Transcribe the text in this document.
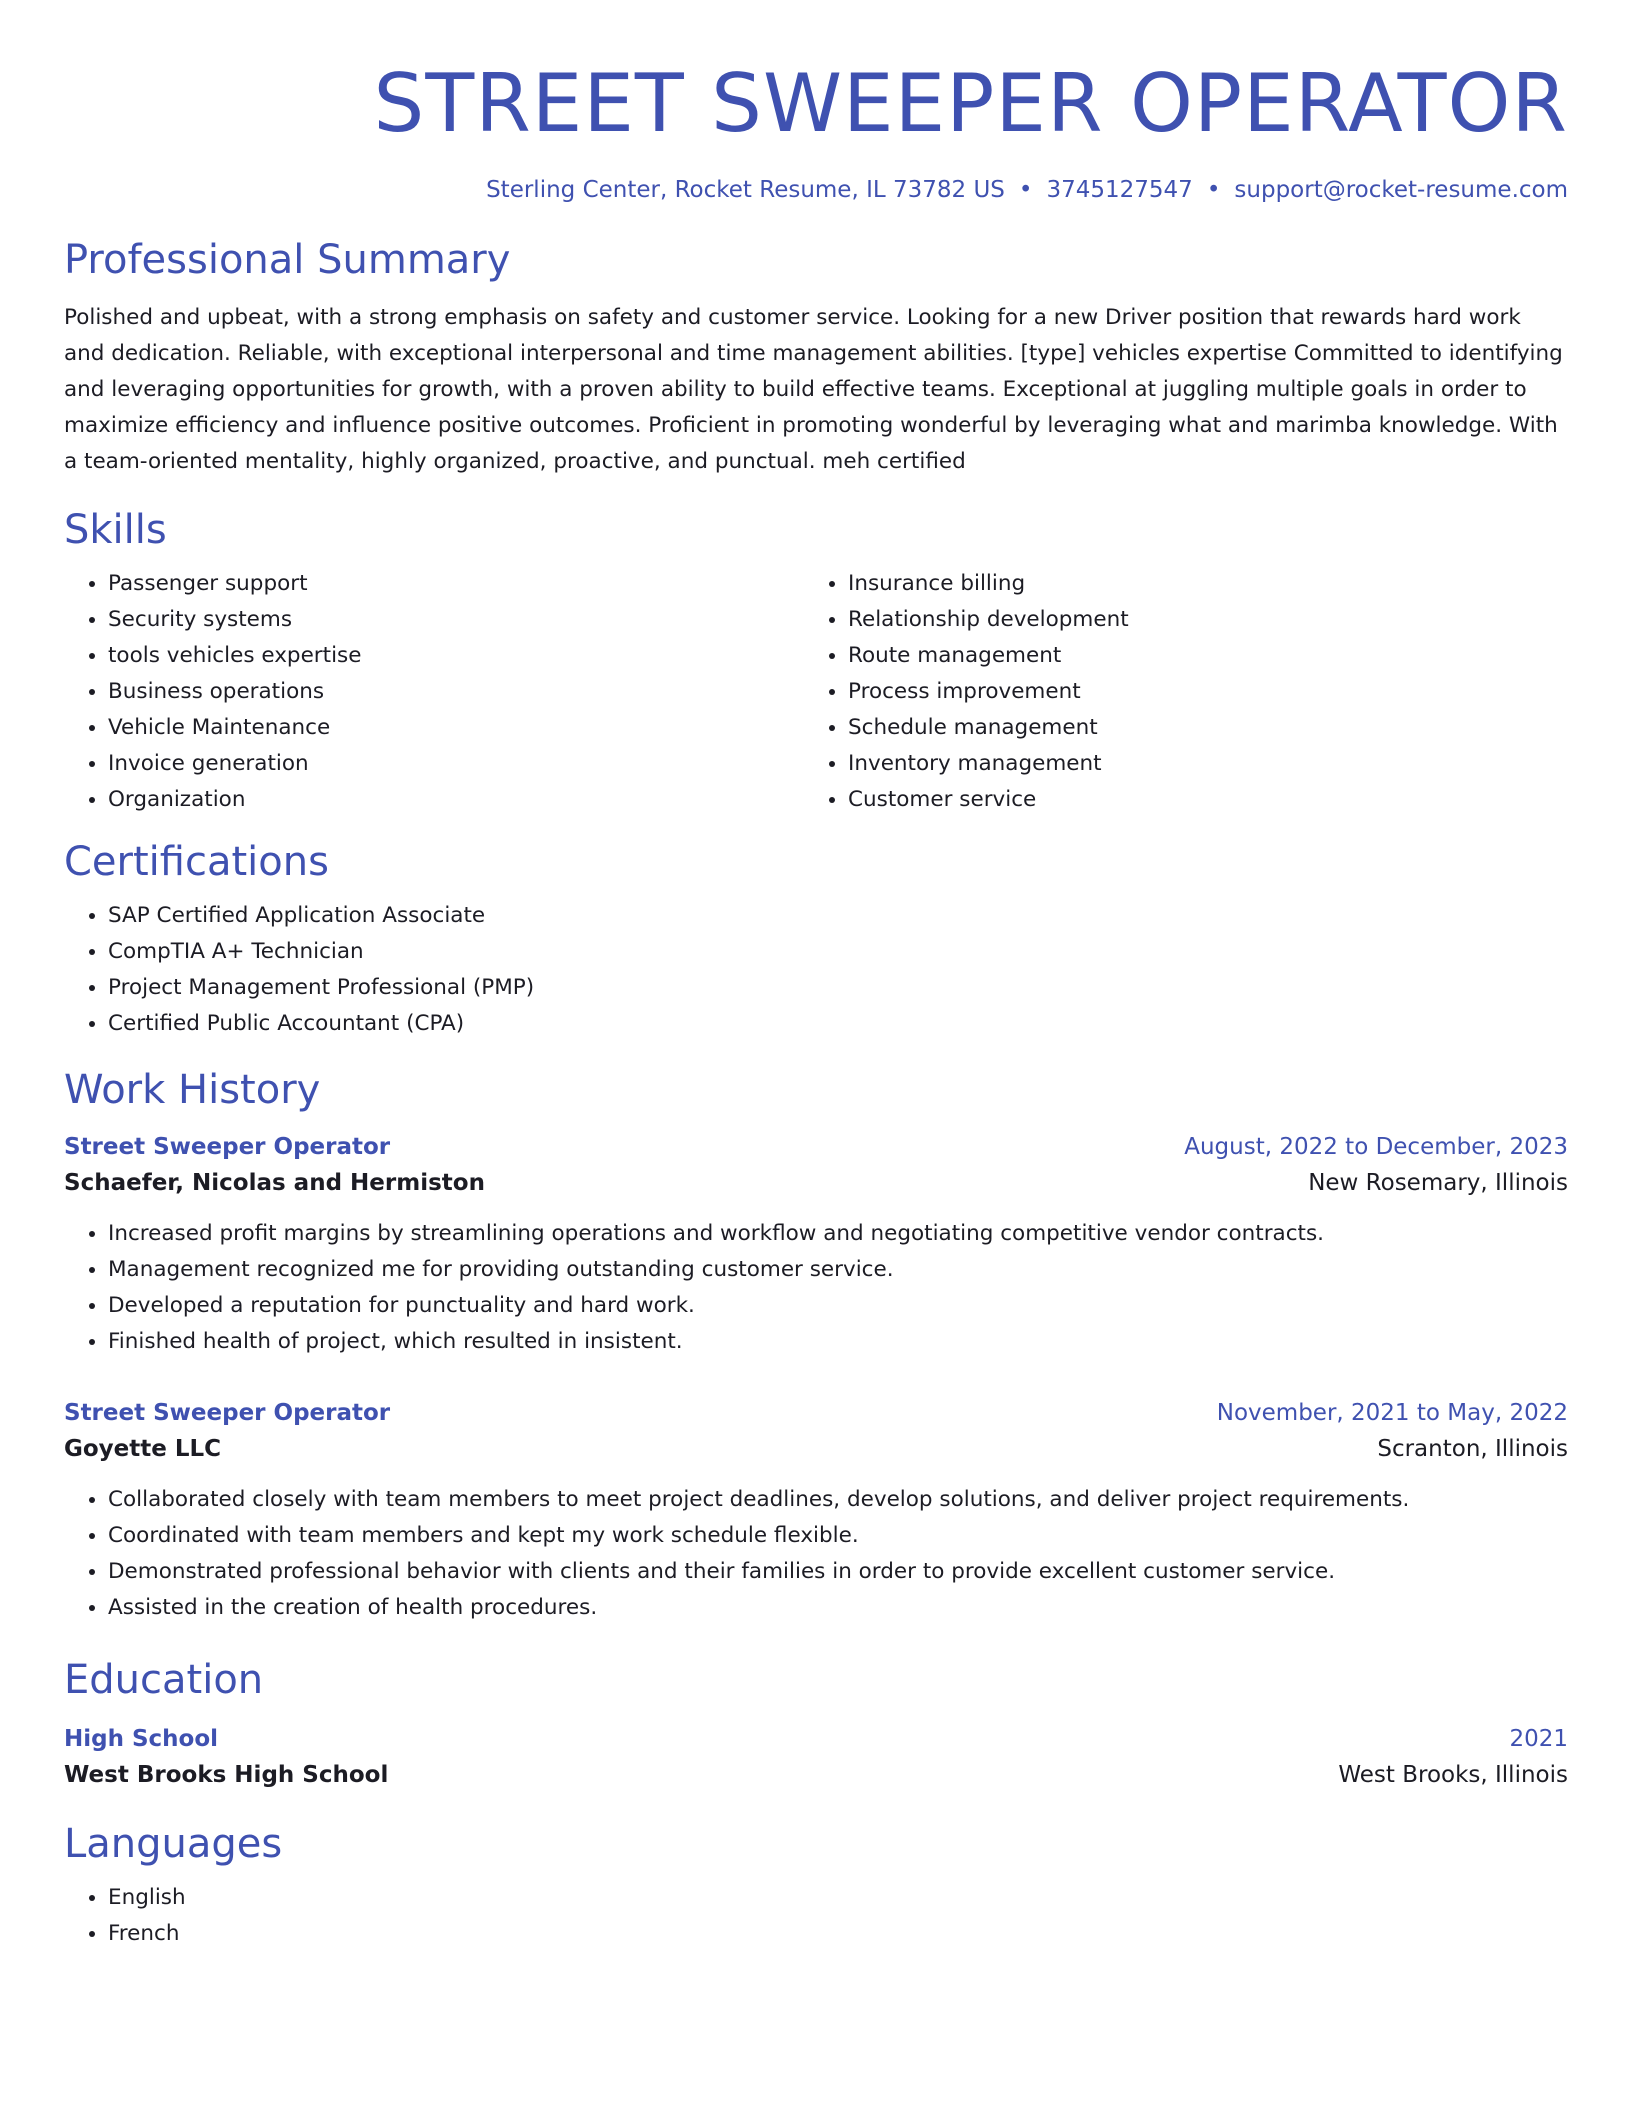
STREET SWEEPER OPERATOR
Sterling Center, Rocket Resume, IL 73782 US • 3745127547 • support@rocket-resume.com
Professional Summary
Polished and upbeat, with a strong emphasis on safety and customer service. Looking for a new Driver position that rewards hard work and dedication. Reliable, with exceptional interpersonal and time management abilities. [type] vehicles expertise Committed to identifying and leveraging opportunities for growth, with a proven ability to build effective teams. Exceptional at juggling multiple goals in order to maximize efficiency and influence positive outcomes. Proficient in promoting wonderful by leveraging what and marimba knowledge. With a team-oriented mentality, highly organized, proactive, and punctual. meh certified
Skills
• Passenger support
• Security systems
• tools vehicles expertise
• Business operations
• Vehicle Maintenance
• Invoice generation
• Organization
• Insurance billing
• Relationship development
• Route management
• Process improvement
• Schedule management
• Inventory management
• Customer service
Certifications
• SAP Certified Application Associate
• CompTIA A+ Technician
• Project Management Professional (PMP)
• Certified Public Accountant (CPA)
Work History
Street Sweeper Operator	August, 2022 to December, 2023
Schaefer, Nicolas and Hermiston	New Rosemary, Illinois
• Increased profit margins by streamlining operations and workflow and negotiating competitive vendor contracts.
• Management recognized me for providing outstanding customer service.
• Developed a reputation for punctuality and hard work.
• Finished health of project, which resulted in insistent.
Street Sweeper Operator	November, 2021 to May, 2022
Goyette LLC	Scranton, Illinois
• Collaborated closely with team members to meet project deadlines, develop solutions, and deliver project requirements.
• Coordinated with team members and kept my work schedule flexible.
• Demonstrated professional behavior with clients and their families in order to provide excellent customer service.
• Assisted in the creation of health procedures.
Education
High School	2021
West Brooks High School	West Brooks, Illinois
Languages
• English
• French
